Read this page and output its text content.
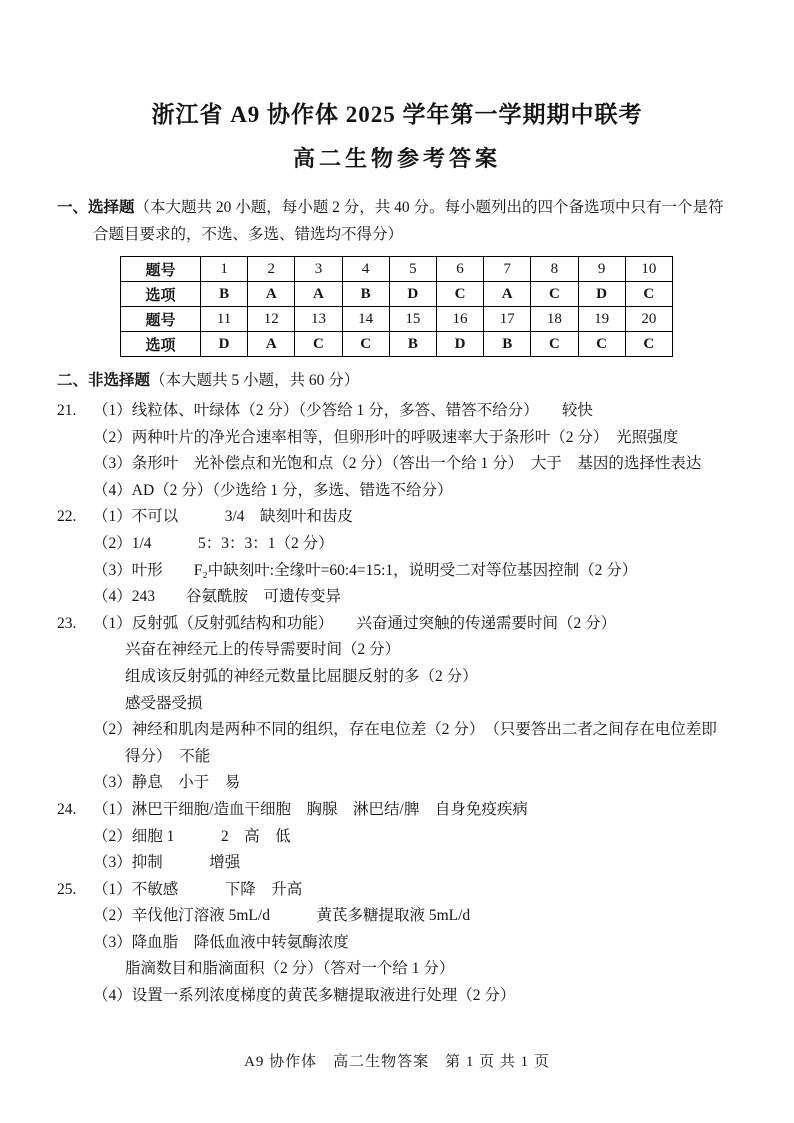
浙江省 A9 协作体 2025 学年第一学期期中联考
高二生物参考答案
一、选择题（本大题共 20 小题，每小题 2 分，共 40 分。每小题列出的四个备选项中只有一个是符合题目要求的，不选、多选、错选均不得分）
题号	1	2	3	4	5	6	7	8	9	10
选项	B	A	A	B	D	C	A	C	D	C
题号	11	12	13	14	15	16	17	18	19	20
选项	D	A	C	C	B	D	B	C	C	C
二、非选择题（本大题共 5 小题，共 60 分）
21.	（1）线粒体、叶绿体（2 分）（少答给 1 分，多答、错答不给分）　　较快
（2）两种叶片的净光合速率相等，但卵形叶的呼吸速率大于条形叶（2 分）　光照强度
（3）条形叶　光补偿点和光饱和点（2 分）（答出一个给 1 分）　大于　基因的选择性表达
（4）AD（2 分）（少选给 1 分，多选、错选不给分）
22.	（1）不可以　　　3/4　缺刻叶和齿皮
（2）1/4　　　5：3：3：1（2 分）
（3）叶形　　F₂中缺刻叶:全缘叶=60:4=15:1，说明受二对等位基因控制（2 分）
（4）243　　谷氨酰胺　可遗传变异
23.	（1）反射弧（反射弧结构和功能）　　兴奋通过突触的传递需要时间（2 分）
兴奋在神经元上的传导需要时间（2 分）
组成该反射弧的神经元数量比屈腿反射的多（2 分）
感受器受损
（2）神经和肌肉是两种不同的组织，存在电位差（2 分）　（只要答出二者之间存在电位差即
得分）　不能
（3）静息　小于　易
24.	（1）淋巴干细胞/造血干细胞　胸腺　淋巴结/脾　自身免疫疾病
（2）细胞 1　　　2　高　低
（3）抑制　　　增强
25.	（1）不敏感　　　下降　升高
（2）辛伐他汀溶液 5mL/d　　　黄芪多糖提取液 5mL/d
（3）降血脂　降低血液中转氨酶浓度
脂滴数目和脂滴面积（2 分）（答对一个给 1 分）
（4）设置一系列浓度梯度的黄芪多糖提取液进行处理（2 分）
A9 协作体　高二生物答案　第 1 页 共 1 页
